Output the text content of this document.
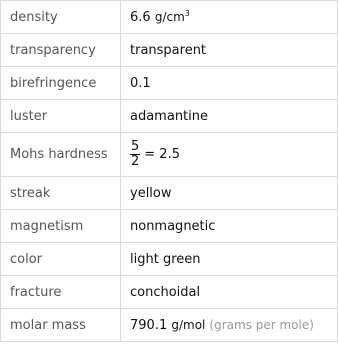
density	6.6 $g/cm^3$
transparency	transparent
birefringence	0.1
luster	adamantine
Mohs hardness	$\frac{5}{2} = 2.5$
streak	yellow
magnetism	nonmagnetic
color	light green
fracture	conchoidal
molar mass	790.1 g/mol (grams per mole)
